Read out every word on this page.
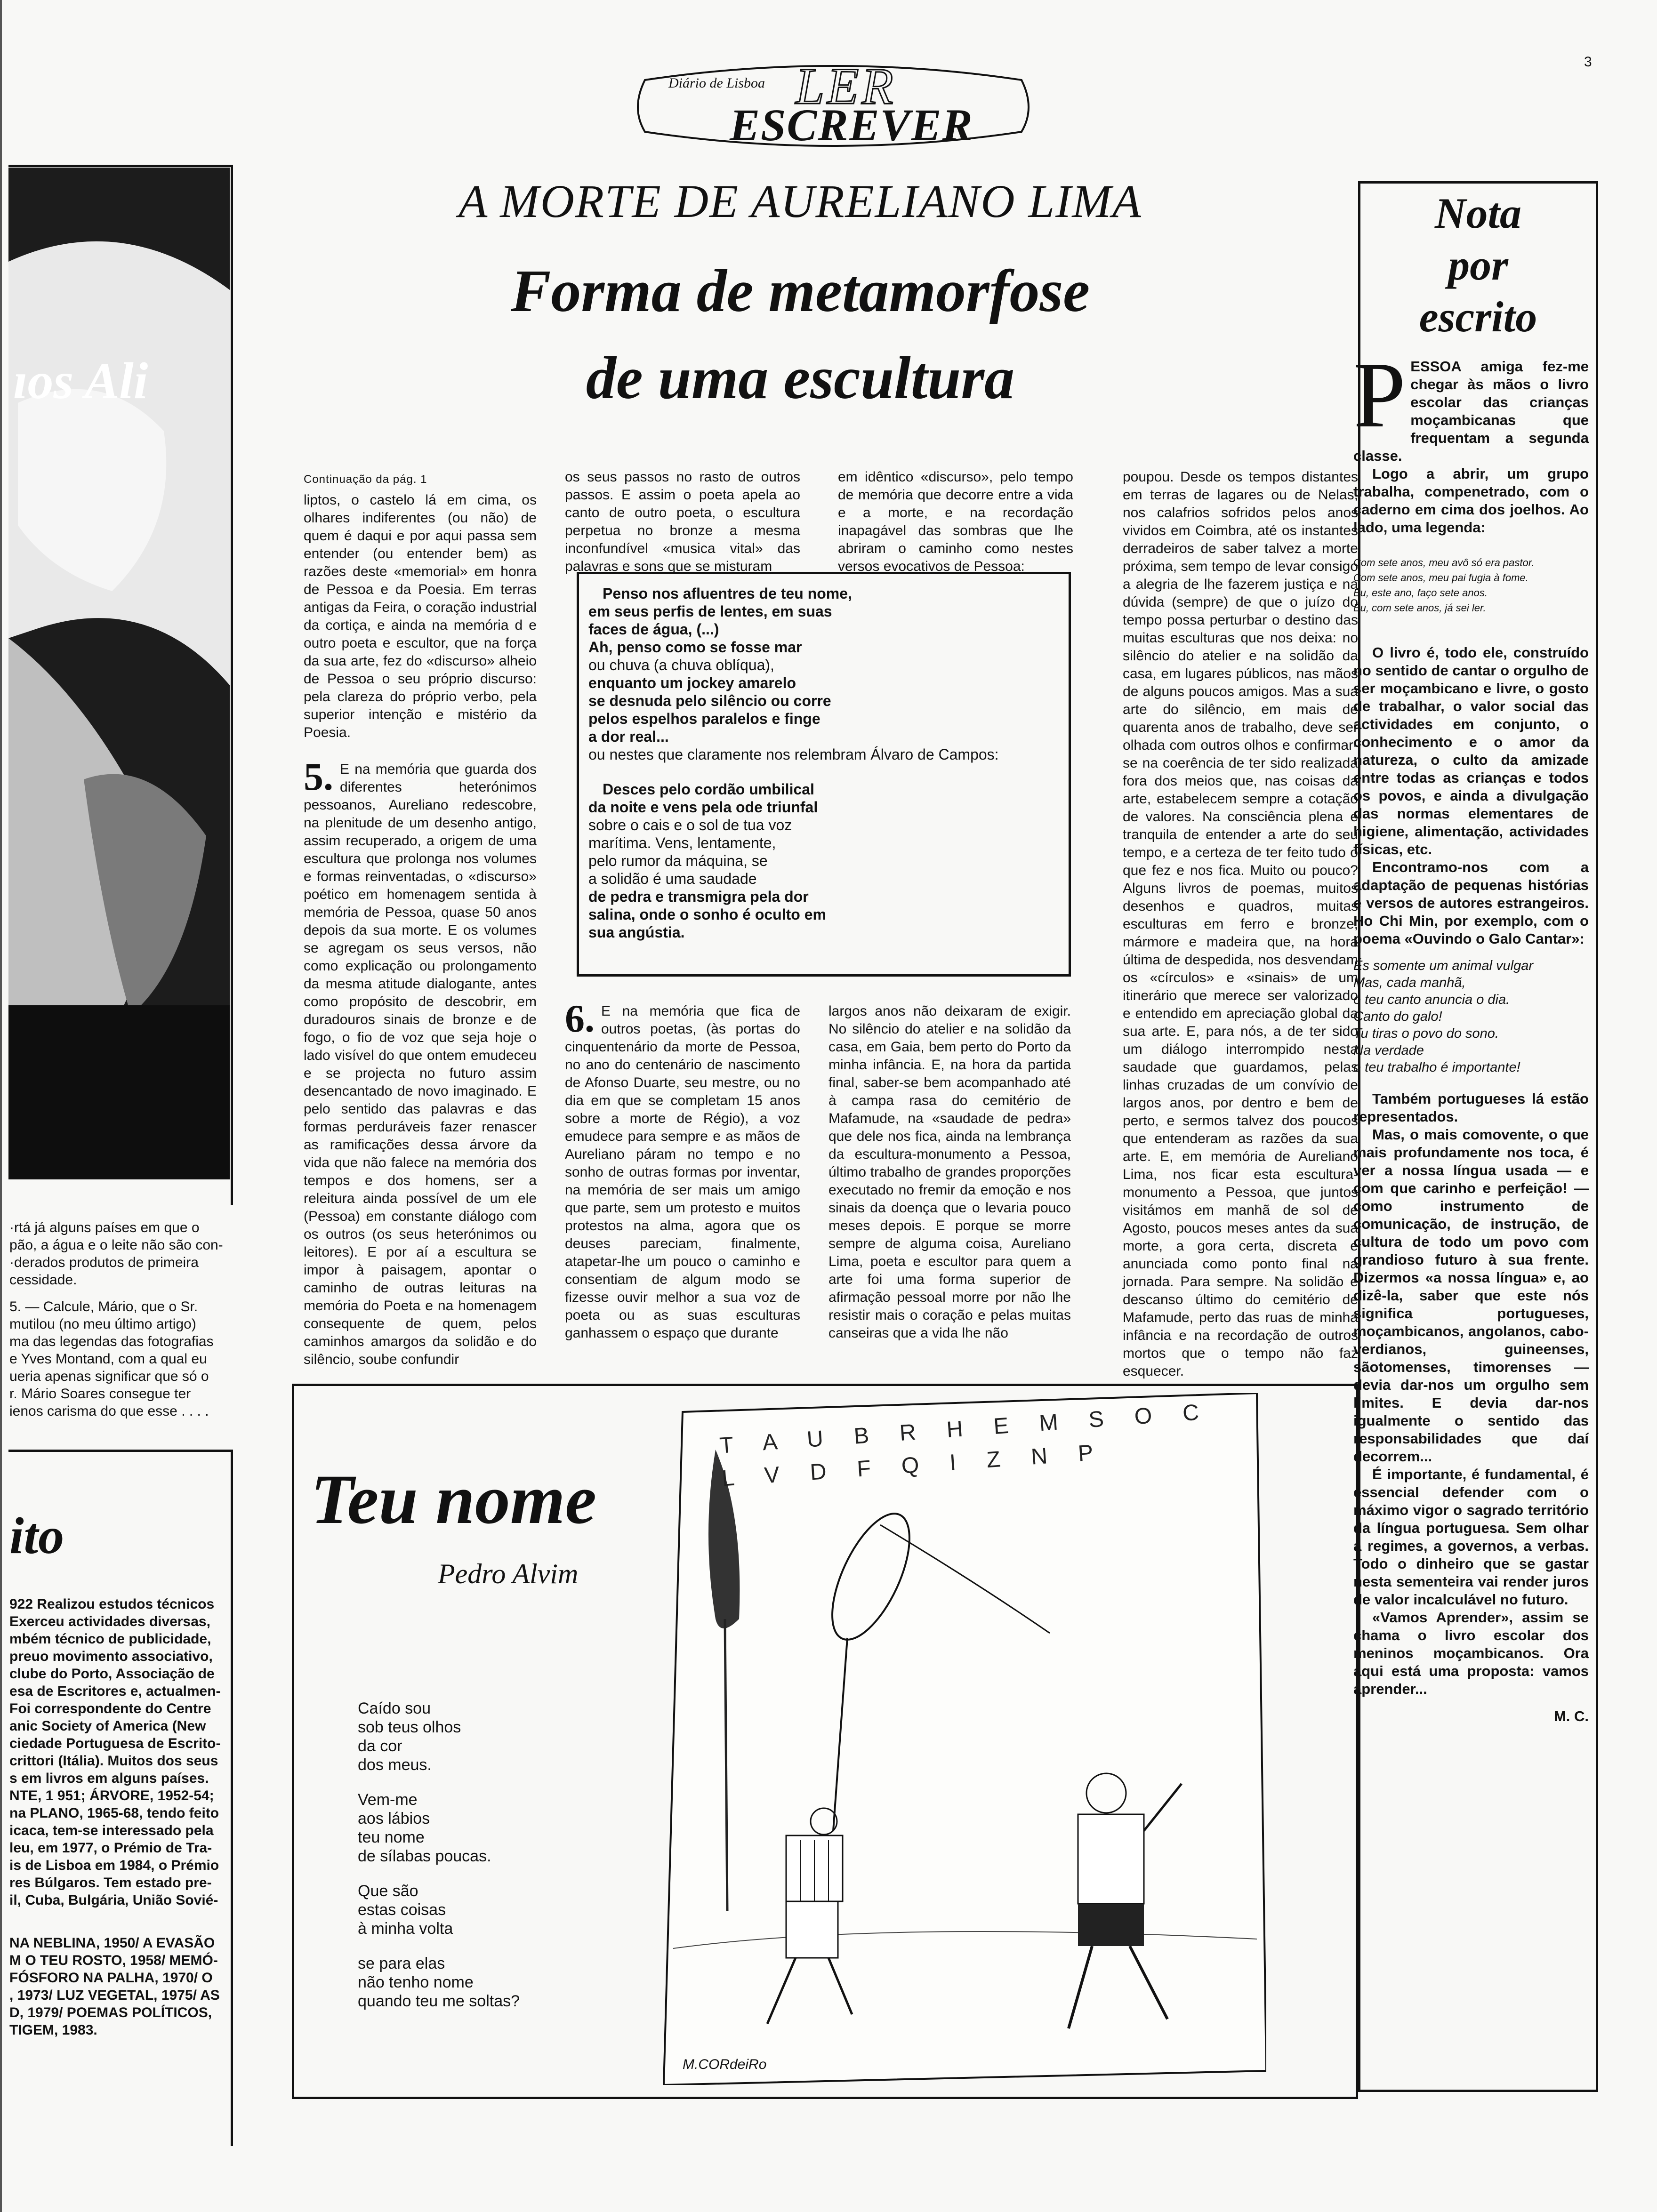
3
Diário de Lisboa LER
ESCREVER
ıos Ali
·rtá já alguns países em que o
pão, a água e o leite não são con-
·derados produtos de primeira
cessidade.
5. — Calcule, Mário, que o Sr.
mutilou (no meu último artigo)
ma das legendas das fotografias
e Yves Montand, com a qual eu
ueria apenas significar que só o
r. Mário Soares consegue ter
ienos carisma do que esse . . . .
ito
922 Realizou estudos técnicos
Exerceu actividades diversas,
mbém técnico de publicidade,
preuo movimento associativo,
clube do Porto, Associação de
esa de Escritores e, actualmen-
Foi correspondente do Centre
anic Society of America (New
ciedade Portuguesa de Escrito-
crittori (Itália). Muitos dos seus
s em livros em alguns países.
NTE, 1 951; ÁRVORE, 1952-54;
na PLANO, 1965-68, tendo feito
icaca, tem-se interessado pela
leu, em 1977, o Prémio de Tra-
is de Lisboa em 1984, o Prémio
res Búlgaros. Tem estado pre-
il, Cuba, Bulgária, União Sovié-
NA NEBLINA, 1950/ A EVASÃO
M O TEU ROSTO, 1958/ MEMÓ-
FÓSFORO NA PALHA, 1970/ O
, 1973/ LUZ VEGETAL, 1975/ AS
D, 1979/ POEMAS POLÍTICOS,
TIGEM, 1983.
A MORTE DE AURELIANO LIMA
Forma de metamorfose
de uma escultura
Continuação da pág. 1

liptos, o castelo lá em cima, os olhares indiferentes (ou não) de quem é daqui e por aqui passa sem entender (ou entender bem) as razões deste «memorial» em honra de Pessoa e da Poesia. Em terras antigas da Feira, o coração industrial da cortiça, e ainda na memória d e outro poeta e escultor, que na força da sua arte, fez do «discurso» alheio de Pessoa o seu próprio discurso: pela clareza do próprio verbo, pela superior intenção e mistério da Poesia.

5. E na memória que guarda dos diferentes heterónimos pessoanos, Aureliano redescobre, na plenitude de um desenho antigo, assim recuperado, a origem de uma escultura que prolonga nos volumes e formas reinventadas, o «discurso» poético em homenagem sentida à memória de Pessoa, quase 50 anos depois da sua morte. E os volumes se agregam os seus versos, não como explicação ou prolongamento da mesma atitude dialogante, antes como propósito de descobrir, em duradouros sinais de bronze e de fogo, o fio de voz que seja hoje o lado visível do que ontem emudeceu e se projecta no futuro assim desencantado de novo imaginado. E pelo sentido das palavras e das formas perduráveis fazer renascer as ramificações dessa árvore da vida que não falece na memória dos tempos e dos homens, ser a releitura ainda possível de um ele (Pessoa) em constante diálogo com os outros (os seus heterónimos ou leitores). E por aí a escultura se impor à paisagem, apontar o caminho de outras leituras na memória do Poeta e na homenagem consequente de quem, pelos caminhos amargos da solidão e do silêncio, soube confundir

os seus passos no rasto de outros passos. E assim o poeta apela ao canto de outro poeta, o escultura perpetua no bronze a mesma inconfundível «musica vital» das palavras e sons que se misturam

em idêntico «discurso», pelo tempo de memória que decorre entre a vida e a morte, e na recordação inapagável das sombras que lhe abriram o caminho como nestes versos evocativos de Pessoa:

Penso nos afluentres de teu nome,
em seus perfis de lentes, em suas
faces de água, (...)
Ah, penso como se fosse mar
ou chuva (a chuva oblíqua),
enquanto um jockey amarelo
se desnuda pelo silêncio ou corre
pelos espelhos paralelos e finge
a dor real...
ou nestes que claramente nos relembram Álvaro de Campos:
Desces pelo cordão umbilical
da noite e vens pela ode triunfal
sobre o cais e o sol de tua voz
marítima. Vens, lentamente,
pelo rumor da máquina, se
a solidão é uma saudade
de pedra e transmigra pela dor
salina, onde o sonho é oculto em
sua angústia.

6. E na memória que fica de outros poetas, (às portas do cinquentenário da morte de Pessoa, no ano do centenário de nascimento de Afonso Duarte, seu mestre, ou no dia em que se completam 15 anos sobre a morte de Régio), a voz emudece para sempre e as mãos de Aureliano páram no tempo e no sonho de outras formas por inventar, na memória de ser mais um amigo que parte, sem um protesto e muitos protestos na alma, agora que os deuses pareciam, finalmente, atapetar-lhe um pouco o caminho e consentiam de algum modo se fizesse ouvir melhor a sua voz de poeta ou as suas esculturas ganhassem o espaço que durante

largos anos não deixaram de exigir. No silêncio do atelier e na solidão da casa, em Gaia, bem perto do Porto da minha infância. E, na hora da partida final, saber-se bem acompanhado até à campa rasa do cemitério de Mafamude, na «saudade de pedra» que dele nos fica, ainda na lembrança da escultura-monumento a Pessoa, último trabalho de grandes proporções executado no fremir da emoção e nos sinais da doença que o levaria pouco meses depois. E porque se morre sempre de alguma coisa, Aureliano Lima, poeta e escultor para quem a arte foi uma forma superior de afirmação pessoal morre por não lhe resistir mais o coração e pelas muitas canseiras que a vida lhe não

poupou. Desde os tempos distantes em terras de lagares ou de Nelas, nos calafrios sofridos pelos anos vividos em Coimbra, até os instantes derradeiros de saber talvez a morte próxima, sem tempo de levar consigo a alegria de lhe fazerem justiça e na dúvida (sempre) de que o juízo do tempo possa perturbar o destino das muitas esculturas que nos deixa: no silêncio do atelier e na solidão da casa, em lugares públicos, nas mãos de alguns poucos amigos. Mas a sua arte do silêncio, em mais de quarenta anos de trabalho, deve ser olhada com outros olhos e confirmar-se na coerência de ter sido realizada fora dos meios que, nas coisas da arte, estabelecem sempre a cotação de valores. Na consciência plena e tranquila de entender a arte do seu tempo, e a certeza de ter feito tudo o que fez e nos fica. Muito ou pouco? Alguns livros de poemas, muitos desenhos e quadros, muitas esculturas em ferro e bronze, mármore e madeira que, na hora última de despedida, nos desvendam os «círculos» e «sinais» de um itinerário que merece ser valorizado e entendido em apreciação global da sua arte. E, para nós, a de ter sido um diálogo interrompido nesta saudade que guardamos, pelas linhas cruzadas de um convívio de largos anos, por dentro e bem de perto, e sermos talvez dos poucos que entenderam as razões da sua arte. E, em memória de Aureliano Lima, nos ficar esta escultura-monumento a Pessoa, que juntos visitámos em manhã de sol de Agosto, poucos meses antes da sua morte, a gora certa, discreta e anunciada como ponto final na jornada. Para sempre. Na solidão e descanso último do cemitério de Mafamude, perto das ruas de minha infância e na recordação de outros mortos que o tempo não faz esquecer.

Teu nome
Pedro Alvim
Caído sou
sob teus olhos
da cor
dos meus.
Vem-me
aos lábios
teu nome
de sílabas poucas.
Que são
estas coisas
à minha volta
se para elas
não tenho nome
quando teu me soltas?
T A U B R H E M S O C L V D F Q I Z N P
M.CORdeiRo
Nota
por
escrito

PESSOA amiga fez-me chegar às mãos o livro escolar das crianças moçambicanas que frequentam a segunda classe.

Logo a abrir, um grupo trabalha, compenetrado, com o caderno em cima dos joelhos. Ao lado, uma legenda:

Com sete anos, meu avô só era pastor.
Com sete anos, meu pai fugia à fome.
Eu, este ano, faço sete anos.
Eu, com sete anos, já sei ler.

O livro é, todo ele, construído no sentido de cantar o orgulho de ser moçambicano e livre, o gosto de trabalhar, o valor social das actividades em conjunto, o conhecimento e o amor da natureza, o culto da amizade entre todas as crianças e todos os povos, e ainda a divulgação das normas elementares de higiene, alimentação, actividades físicas, etc.

Encontramo-nos com a adaptação de pequenas histórias e versos de autores estrangeiros. Ho Chi Min, por exemplo, com o poema «Ouvindo o Galo Cantar»:

És somente um animal vulgar
Mas, cada manhã,
o teu canto anuncia o dia.
Canto do galo!
Tu tiras o povo do sono.
Na verdade
o teu trabalho é importante!

Também portugueses lá estão representados.

Mas, o mais comovente, o que mais profundamente nos toca, é ver a nossa língua usada — e com que carinho e perfeição! — como instrumento de comunicação, de instrução, de cultura de todo um povo com grandioso futuro à sua frente. Dizermos «a nossa língua» e, ao dizê-la, saber que este nós significa portugueses, moçambicanos, angolanos, cabo-verdianos, guineenses, sãotomenses, timorenses — devia dar-nos um orgulho sem limites. E devia dar-nos igualmente o sentido das responsabilidades que daí decorrem...

É importante, é fundamental, é essencial defender com o máximo vigor o sagrado território da língua portuguesa. Sem olhar a regimes, a governos, a verbas. Todo o dinheiro que se gastar nesta sementeira vai render juros de valor incalculável no futuro.

«Vamos Aprender», assim se chama o livro escolar dos meninos moçambicanos. Ora aqui está uma proposta: vamos aprender...

M. C.
